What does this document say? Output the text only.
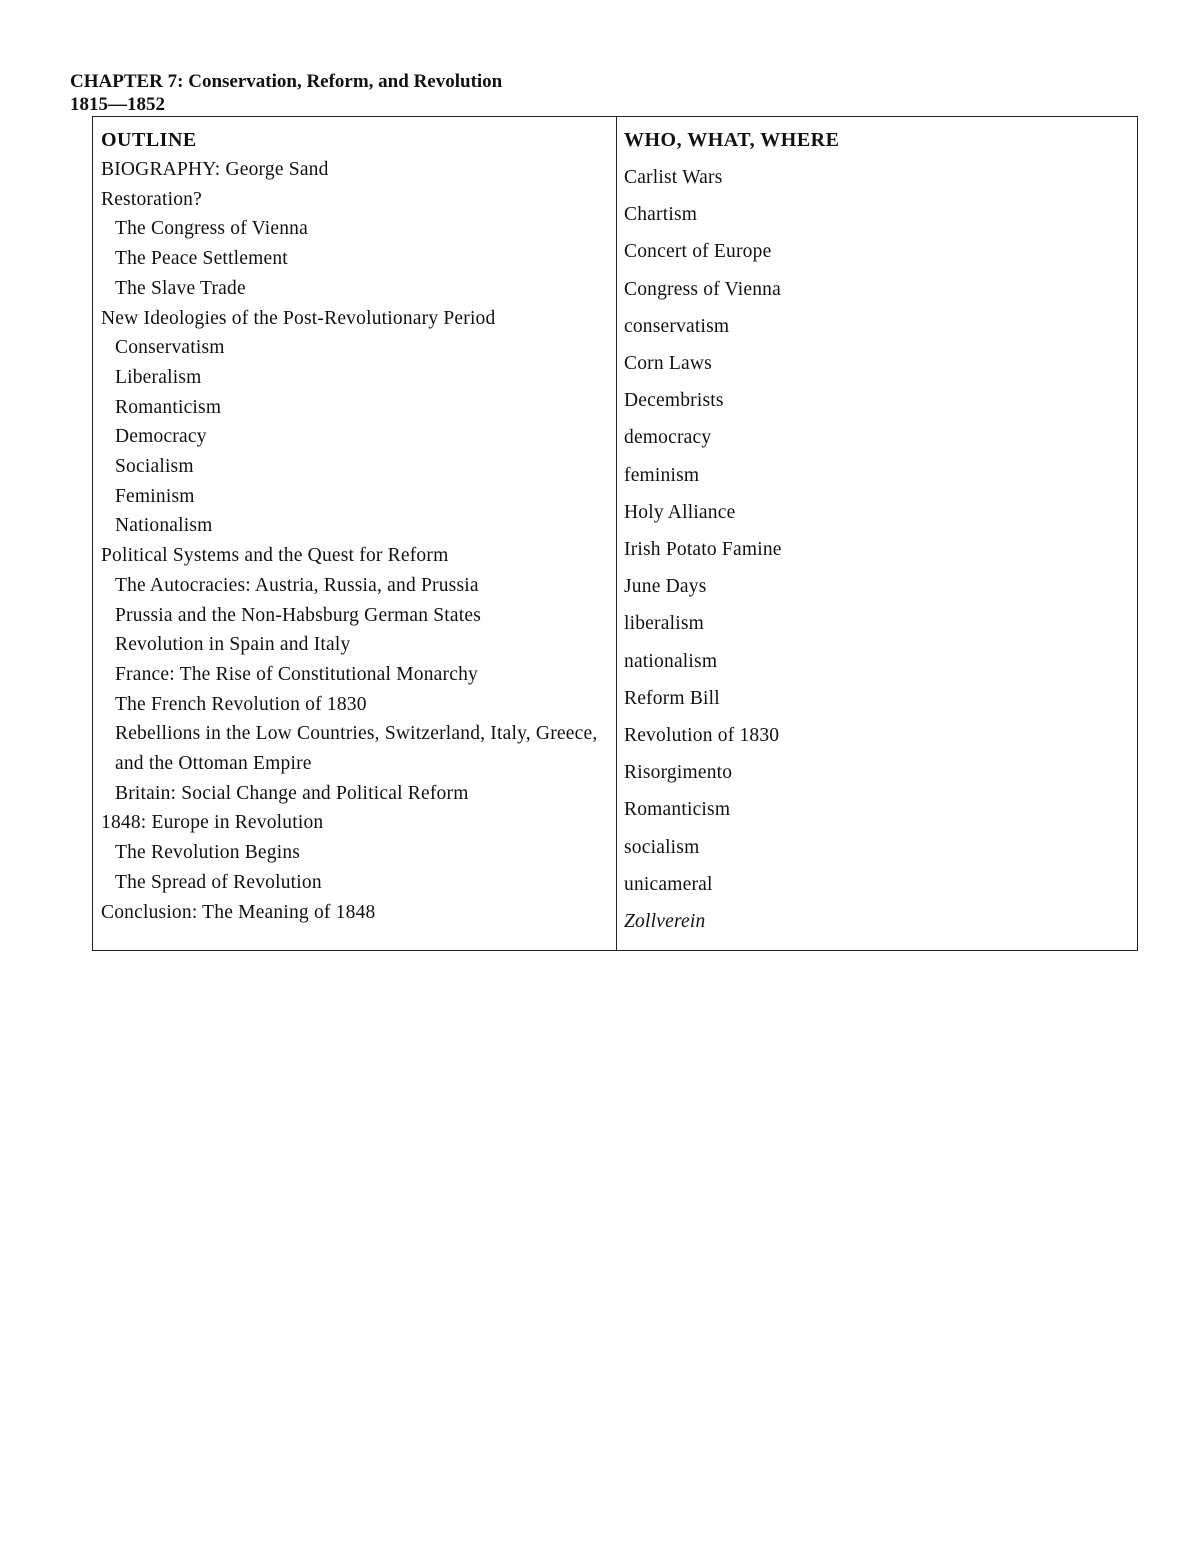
CHAPTER 7: Conservation, Reform, and Revolution
1815—1852
OUTLINE
BIOGRAPHY: George Sand
Restoration?
The Congress of Vienna
The Peace Settlement
The Slave Trade
New Ideologies of the Post-Revolutionary Period
Conservatism
Liberalism
Romanticism
Democracy
Socialism
Feminism
Nationalism
Political Systems and the Quest for Reform
The Autocracies: Austria, Russia, and Prussia
Prussia and the Non-Habsburg German States
Revolution in Spain and Italy
France: The Rise of Constitutional Monarchy
The French Revolution of 1830
Rebellions in the Low Countries, Switzerland, Italy, Greece, and the Ottoman Empire
Britain: Social Change and Political Reform
1848: Europe in Revolution
The Revolution Begins
The Spread of Revolution
Conclusion: The Meaning of 1848
WHO, WHAT, WHERE
Carlist Wars
Chartism
Concert of Europe
Congress of Vienna
conservatism
Corn Laws
Decembrists
democracy
feminism
Holy Alliance
Irish Potato Famine
June Days
liberalism
nationalism
Reform Bill
Revolution of 1830
Risorgimento
Romanticism
socialism
unicameral
Zollverein
